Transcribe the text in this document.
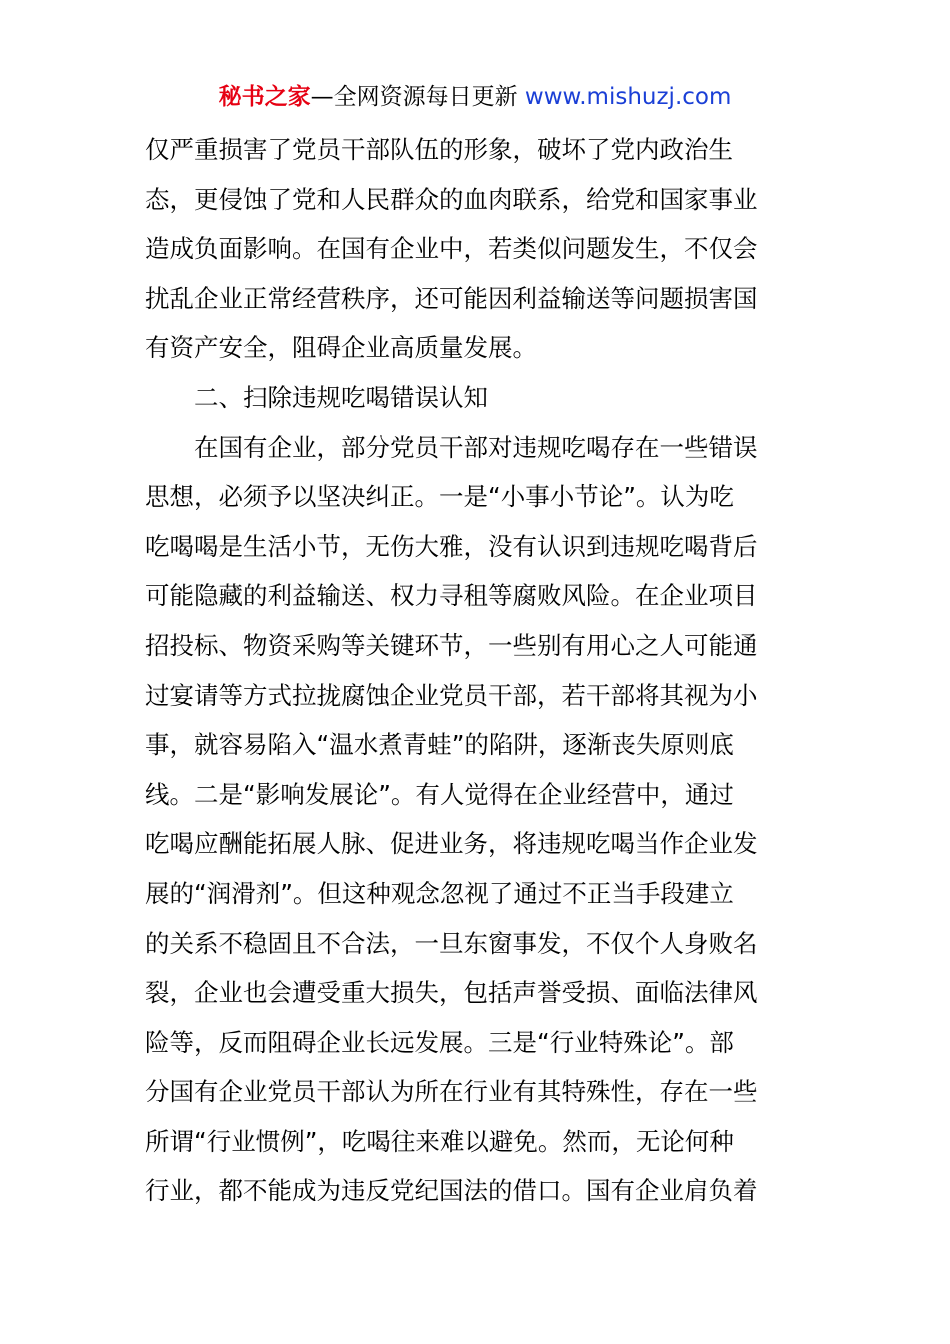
秘书之家—全网资源每日更新 www.mishuzj.com
仅严重损害了党员干部队伍的形象，破坏了党内政治生
态，更侵蚀了党和人民群众的血肉联系，给党和国家事业
造成负面影响。在国有企业中，若类似问题发生，不仅会
扰乱企业正常经营秩序，还可能因利益输送等问题损害国
有资产安全，阻碍企业高质量发展。
二、扫除违规吃喝错误认知
在国有企业，部分党员干部对违规吃喝存在一些错误
思想，必须予以坚决纠正。一是“小事小节论”。认为吃
吃喝喝是生活小节，无伤大雅，没有认识到违规吃喝背后
可能隐藏的利益输送、权力寻租等腐败风险。在企业项目
招投标、物资采购等关键环节，一些别有用心之人可能通
过宴请等方式拉拢腐蚀企业党员干部，若干部将其视为小
事，就容易陷入“温水煮青蛙”的陷阱，逐渐丧失原则底
线。二是“影响发展论”。有人觉得在企业经营中，通过
吃喝应酬能拓展人脉、促进业务，将违规吃喝当作企业发
展的“润滑剂”。但这种观念忽视了通过不正当手段建立
的关系不稳固且不合法，一旦东窗事发，不仅个人身败名
裂，企业也会遭受重大损失，包括声誉受损、面临法律风
险等，反而阻碍企业长远发展。三是“行业特殊论”。部
分国有企业党员干部认为所在行业有其特殊性，存在一些
所谓“行业惯例”，吃喝往来难以避免。然而，无论何种
行业，都不能成为违反党纪国法的借口。国有企业肩负着
